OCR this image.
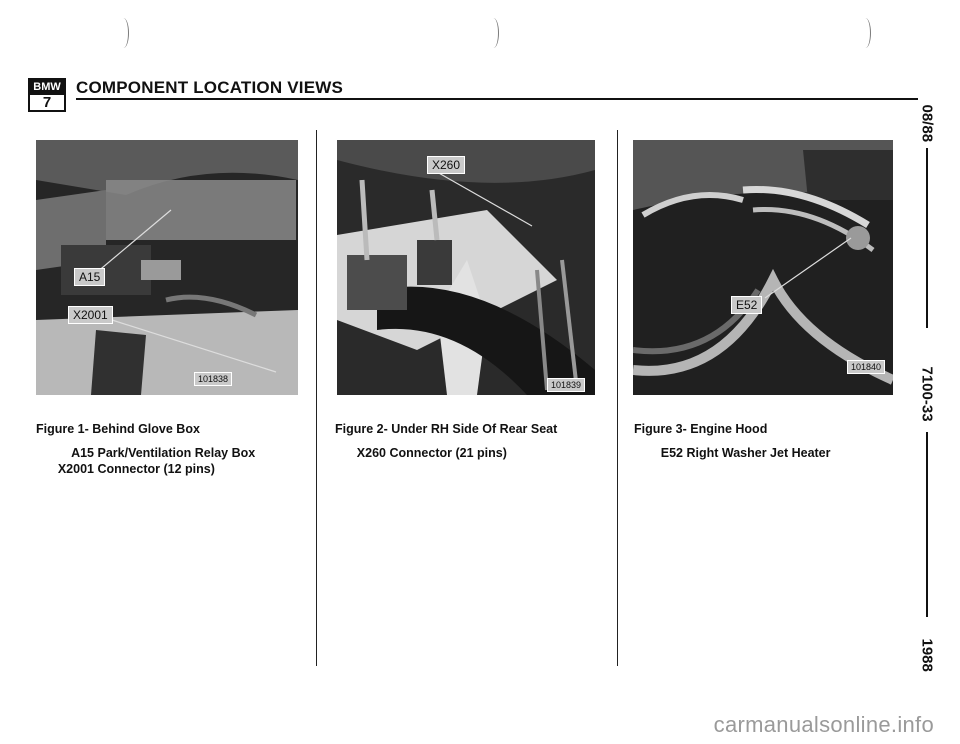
BMW
7
COMPONENT LOCATION VIEWS
08/88
7100-33
1988
A15
X2001
101838
X260
101839
E52
101840
Figure 1- Behind Glove Box
A15 Park/Ventilation Relay Box
X2001 Connector (12 pins)
Figure 2- Under RH Side Of Rear Seat
X260 Connector (21 pins)
Figure 3- Engine Hood
E52 Right Washer Jet Heater
carmanualsonline.info
